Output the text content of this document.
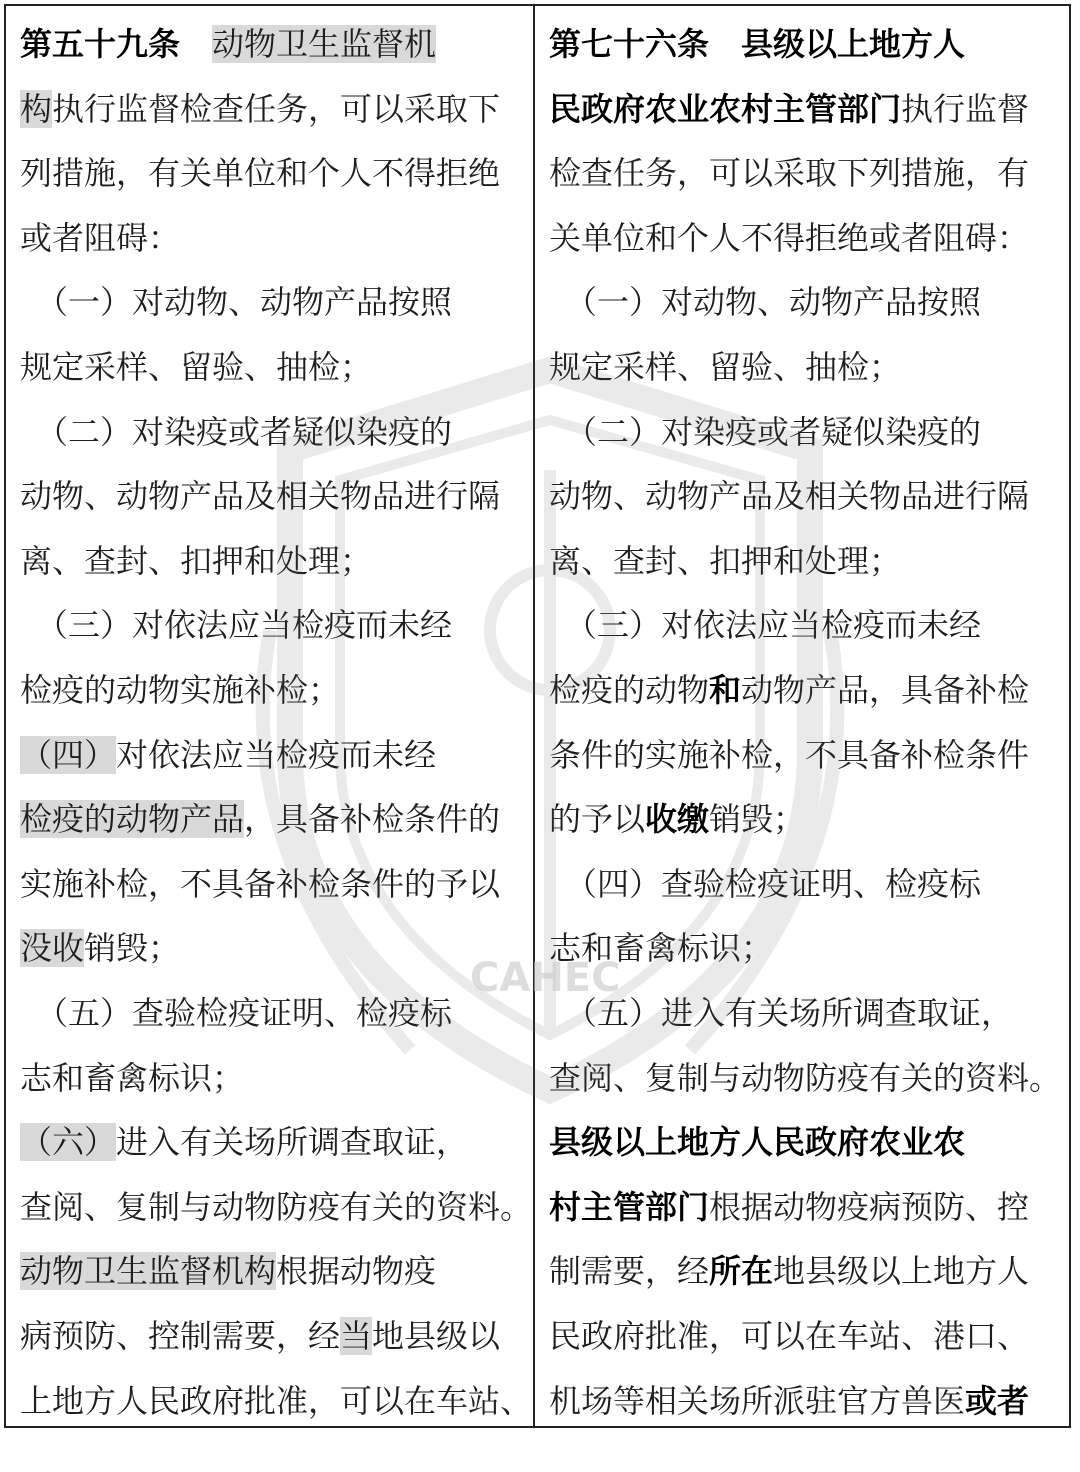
第五十九条　 动物卫生监督机
构执行监督检查任务，可以采取下
列措施，有关单位和个人不得拒绝
或者阻碍：
　（一）对动物、动物产品按照
规定采样、留验、抽检；
　（二）对染疫或者疑似染疫的
动物、动物产品及相关物品进行隔
离、查封、扣押和处理；
　（三）对依法应当检疫而未经
检疫的动物实施补检；
（四）对依法应当检疫而未经
检疫的动物产品，具备补检条件的
实施补检，不具备补检条件的予以
没收销毁；
　（五）查验检疫证明、检疫标
志和畜禽标识；
（六）进入有关场所调查取证，
查阅、复制与动物防疫有关的资料。
动物卫生监督机构根据动物疫
病预防、控制需要，经当地县级以
上地方人民政府批准，可以在车站、
第七十六条　县级以上地方人
民政府农业农村主管部门执行监督
检查任务，可以采取下列措施，有
关单位和个人不得拒绝或者阻碍：
　（一）对动物、动物产品按照
规定采样、留验、抽检；
　（二）对染疫或者疑似染疫的
动物、动物产品及相关物品进行隔
离、查封、扣押和处理；
　（三）对依法应当检疫而未经
检疫的动物和动物产品，具备补检
条件的实施补检，不具备补检条件
的予以收缴销毁；
　（四）查验检疫证明、检疫标
志和畜禽标识；
　（五）进入有关场所调查取证，
查阅、复制与动物防疫有关的资料。
县级以上地方人民政府农业农
村主管部门根据动物疫病预防、控
制需要，经所在地县级以上地方人
民政府批准，可以在车站、港口、
机场等相关场所派驻官方兽医或者
CAHEC
